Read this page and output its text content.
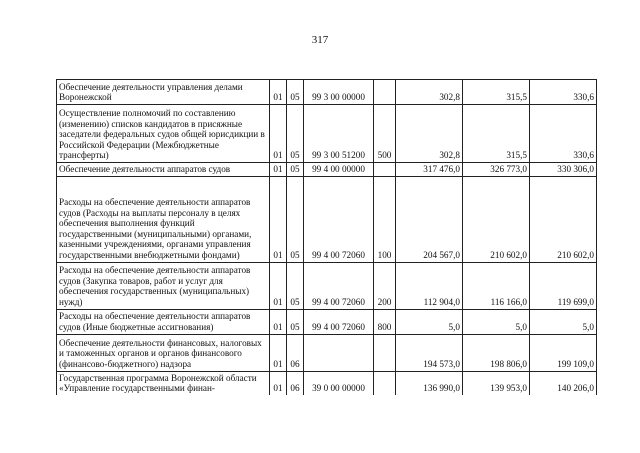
317
Обеспечение деятельности управления делами Воронежской	01	05	99 3 00 00000		302,8	315,5	330,6

Осуществление полномочий по составлению (изменению) списков кандидатов в присяжные заседатели федеральных судов общей юрисдикции в Российской Федерации (Межбюджетные трансферты)	01	05	99 3 00 51200	500	302,8	315,5	330,6

Обеспечение деятельности аппаратов судов	01	05	99 4 00 00000		317 476,0	326 773,0	330 306,0

Расходы на обеспечение деятельности аппаратов судов (Расходы на выплаты персоналу в целях обеспечения выполнения функций государственными (муниципальными) органами, казенными учреждениями, органами управления государственными внебюджетными фондами)	01	05	99 4 00 72060	100	204 567,0	210 602,0	210 602,0

Расходы на обеспечение деятельности аппаратов судов (Закупка товаров, работ и услуг для обеспечения государственных (муниципальных) нужд)	01	05	99 4 00 72060	200	112 904,0	116 166,0	119 699,0

Расходы на обеспечение деятельности аппаратов судов (Иные бюджетные ассигнования)	01	05	99 4 00 72060	800	5,0	5,0	5,0

Обеспечение деятельности финансовых, налоговых и таможенных органов и органов финансового (финансово-бюджетного) надзора	01	06			194 573,0	198 806,0	199 109,0

Государственная программа Воронежской области «Управление государственными финан-	01	06	39 0 00 00000		136 990,0	139 953,0	140 206,0
